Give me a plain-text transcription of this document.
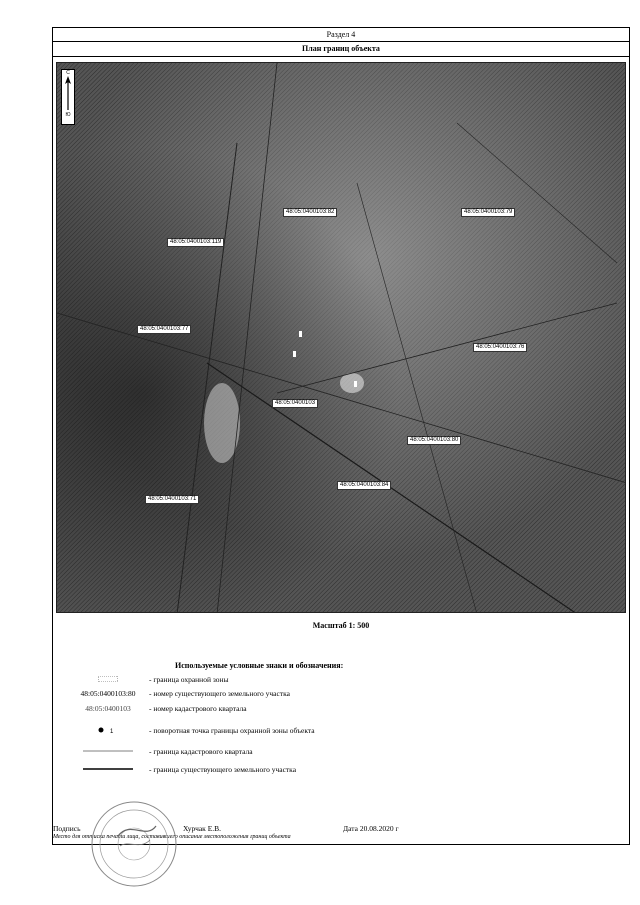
Раздел 4
План границ объекта
С
Ю
48:05:0400103:82	48:05:0400103:79
48:05:0400103:119
48:05:0400103:77
48:05:0400103:76
48:05:0400103
48:05:0400103:80
48:05:0400103:84
48:05:0400103:71
Масштаб 1: 500
Используемые условные знаки и обозначения:
- граница охранной зоны
48:05:0400103:80	- номер существующего земельного участка
48:05:0400103	- номер кадастрового квартала
1	- поворотная точка границы охранной зоны объекта
- граница кадастрового квартала
- граница существующего земельного участка
Подпись	Хурчак Е.В.	Дата 20.08.2020 г
Место для оттиска печати лица, составившего описание местоположения границ объекта
